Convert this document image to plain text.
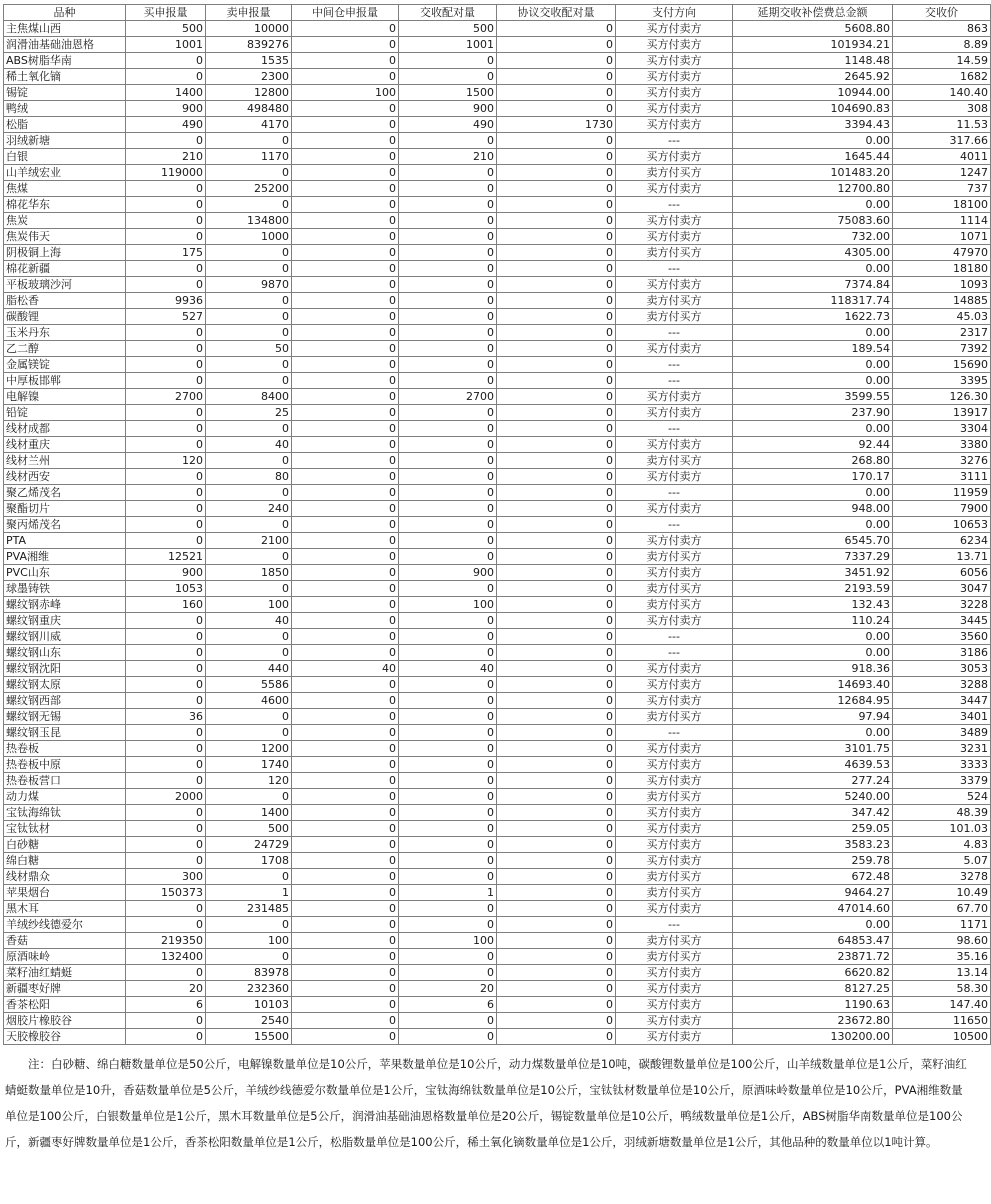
品种	买申报量	卖申报量	中间仓申报量	交收配对量	协议交收配对量	支付方向	延期交收补偿费总金额	交收价
主焦煤山西	500	10000	0	500	0	买方付卖方	5608.80	863
润滑油基础油恩格	1001	839276	0	1001	0	买方付卖方	101934.21	8.89
ABS树脂华南	0	1535	0	0	0	买方付卖方	1148.48	14.59
稀土氧化镝	0	2300	0	0	0	买方付卖方	2645.92	1682
锡锭	1400	12800	100	1500	0	买方付卖方	10944.00	140.40
鸭绒	900	498480	0	900	0	买方付卖方	104690.83	308
松脂	490	4170	0	490	1730	买方付卖方	3394.43	11.53
羽绒新塘	0	0	0	0	0	---	0.00	317.66
白银	210	1170	0	210	0	买方付卖方	1645.44	4011
山羊绒宏业	119000	0	0	0	0	卖方付买方	101483.20	1247
焦煤	0	25200	0	0	0	买方付卖方	12700.80	737
棉花华东	0	0	0	0	0	---	0.00	18100
焦炭	0	134800	0	0	0	买方付卖方	75083.60	1114
焦炭伟天	0	1000	0	0	0	买方付卖方	732.00	1071
阴极铜上海	175	0	0	0	0	卖方付买方	4305.00	47970
棉花新疆	0	0	0	0	0	---	0.00	18180
平板玻璃沙河	0	9870	0	0	0	买方付卖方	7374.84	1093
脂松香	9936	0	0	0	0	卖方付买方	118317.74	14885
碳酸锂	527	0	0	0	0	卖方付买方	1622.73	45.03
玉米丹东	0	0	0	0	0	---	0.00	2317
乙二醇	0	50	0	0	0	买方付卖方	189.54	7392
金属镁锭	0	0	0	0	0	---	0.00	15690
中厚板邯郸	0	0	0	0	0	---	0.00	3395
电解镍	2700	8400	0	2700	0	买方付卖方	3599.55	126.30
铅锭	0	25	0	0	0	买方付卖方	237.90	13917
线材成都	0	0	0	0	0	---	0.00	3304
线材重庆	0	40	0	0	0	买方付卖方	92.44	3380
线材兰州	120	0	0	0	0	卖方付买方	268.80	3276
线材西安	0	80	0	0	0	买方付卖方	170.17	3111
聚乙烯茂名	0	0	0	0	0	---	0.00	11959
聚酯切片	0	240	0	0	0	买方付卖方	948.00	7900
聚丙烯茂名	0	0	0	0	0	---	0.00	10653
PTA	0	2100	0	0	0	买方付卖方	6545.70	6234
PVA湘维	12521	0	0	0	0	卖方付买方	7337.29	13.71
PVC山东	900	1850	0	900	0	买方付卖方	3451.92	6056
球墨铸铁	1053	0	0	0	0	卖方付买方	2193.59	3047
螺纹钢赤峰	160	100	0	100	0	卖方付买方	132.43	3228
螺纹钢重庆	0	40	0	0	0	买方付卖方	110.24	3445
螺纹钢川威	0	0	0	0	0	---	0.00	3560
螺纹钢山东	0	0	0	0	0	---	0.00	3186
螺纹钢沈阳	0	440	40	40	0	买方付卖方	918.36	3053
螺纹钢太原	0	5586	0	0	0	买方付卖方	14693.40	3288
螺纹钢西部	0	4600	0	0	0	买方付卖方	12684.95	3447
螺纹钢无锡	36	0	0	0	0	卖方付买方	97.94	3401
螺纹钢玉昆	0	0	0	0	0	---	0.00	3489
热卷板	0	1200	0	0	0	买方付卖方	3101.75	3231
热卷板中原	0	1740	0	0	0	买方付卖方	4639.53	3333
热卷板营口	0	120	0	0	0	买方付卖方	277.24	3379
动力煤	2000	0	0	0	0	卖方付买方	5240.00	524
宝钛海绵钛	0	1400	0	0	0	买方付卖方	347.42	48.39
宝钛钛材	0	500	0	0	0	买方付卖方	259.05	101.03
白砂糖	0	24729	0	0	0	买方付卖方	3583.23	4.83
绵白糖	0	1708	0	0	0	买方付卖方	259.78	5.07
线材鼎众	300	0	0	0	0	卖方付买方	672.48	3278
苹果烟台	150373	1	0	1	0	卖方付买方	9464.27	10.49
黑木耳	0	231485	0	0	0	买方付卖方	47014.60	67.70
羊绒纱线德爱尔	0	0	0	0	0	---	0.00	1171
香菇	219350	100	0	100	0	卖方付买方	64853.47	98.60
原酒味岭	132400	0	0	0	0	卖方付买方	23871.72	35.16
菜籽油红蜻蜓	0	83978	0	0	0	买方付卖方	6620.82	13.14
新疆枣好牌	20	232360	0	20	0	买方付卖方	8127.25	58.30
香茶松阳	6	10103	0	6	0	买方付卖方	1190.63	147.40
烟胶片橡胶谷	0	2540	0	0	0	买方付卖方	23672.80	11650
天胶橡胶谷	0	15500	0	0	0	买方付卖方	130200.00	10500
注：白砂糖、绵白糖数量单位是50公斤，电解镍数量单位是10公斤，苹果数量单位是10公斤，动力煤数量单位是10吨，碳酸锂数量单位是100公斤，山羊绒数量单位是1公斤，菜籽油红蜻蜓数量单位是10升，香菇数量单位是5公斤，羊绒纱线德爱尔数量单位是1公斤，宝钛海绵钛数量单位是10公斤，宝钛钛材数量单位是10公斤，原酒味岭数量单位是10公斤，PVA湘维数量单位是100公斤，白银数量单位是1公斤，黑木耳数量单位是5公斤，润滑油基础油恩格数量单位是20公斤，锡锭数量单位是10公斤，鸭绒数量单位是1公斤，ABS树脂华南数量单位是100公斤，新疆枣好牌数量单位是1公斤，香茶松阳数量单位是1公斤，松脂数量单位是100公斤，稀土氧化镝数量单位是1公斤，羽绒新塘数量单位是1公斤，其他品种的数量单位以1吨计算。
